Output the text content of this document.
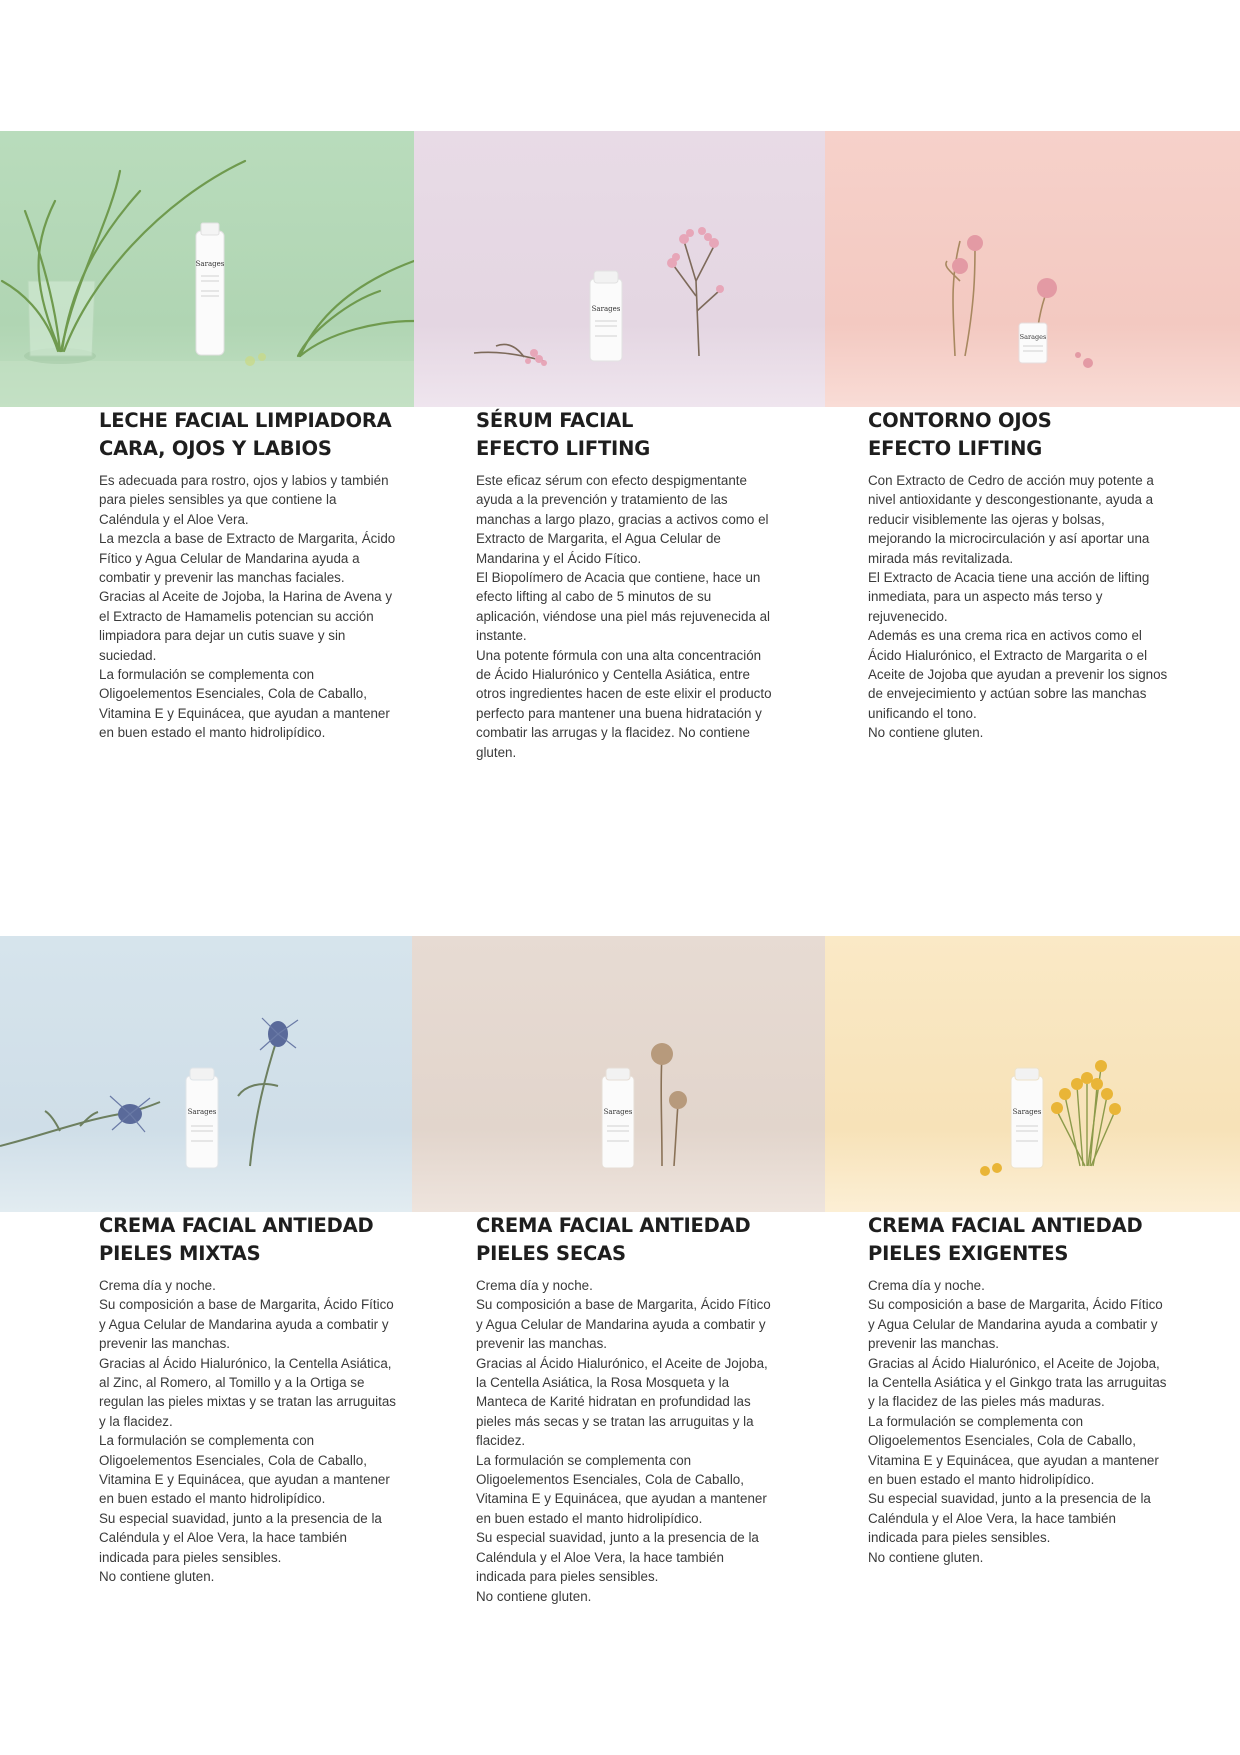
Sarages
Sarages
Sarages
LECHE FACIAL LIMPIADORA
CARA, OJOS Y LABIOS

Es adecuada para rostro, ojos y labios y también para pieles sensibles ya que contiene la Caléndula y el Aloe Vera.

La mezcla a base de Extracto de Margarita, Ácido Fítico y Agua Celular de Mandarina ayuda a combatir y prevenir las manchas faciales.

Gracias al Aceite de Jojoba, la Harina de Avena y el Extracto de Hamamelis potencian su acción limpiadora para dejar un cutis suave y sin suciedad.

La formulación se complementa con Oligoelementos Esenciales, Cola de Caballo, Vitamina E y Equinácea, que ayudan a mantener en buen estado el manto hidrolipídico.

SÉRUM FACIAL
EFECTO LIFTING

Este eficaz sérum con efecto despigmentante ayuda a la prevención y tratamiento de las manchas a largo plazo, gracias a activos como el Extracto de Margarita, el Agua Celular de Mandarina y el Ácido Fítico.

El Biopolímero de Acacia que contiene, hace un efecto lifting al cabo de 5 minutos de su aplicación, viéndose una piel más rejuvenecida al instante.

Una potente fórmula con una alta concentración de Ácido Hialurónico y Centella Asiática, entre otros ingredientes hacen de este elixir el producto perfecto para mantener una buena hidratación y combatir las arrugas y la flacidez. No contiene gluten.

CONTORNO OJOS
EFECTO LIFTING

Con Extracto de Cedro de acción muy potente a nivel antioxidante y descongestionante, ayuda a reducir visiblemente las ojeras y bolsas, mejorando la microcirculación y así aportar una mirada más revitalizada.

El Extracto de Acacia tiene una acción de lifting inmediata, para un aspecto más terso y rejuvenecido.

Además es una crema rica en activos como el Ácido Hialurónico, el Extracto de Margarita o el Aceite de Jojoba que ayudan a prevenir los signos de envejecimiento y actúan sobre las manchas unificando el tono.

No contiene gluten.

Sarages	Sarages	Sarages
CREMA FACIAL ANTIEDAD
PIELES MIXTAS

Crema día y noche.

Su composición a base de Margarita, Ácido Fítico y Agua Celular de Mandarina ayuda a combatir y prevenir las manchas.

Gracias al Ácido Hialurónico, la Centella Asiática, al Zinc, al Romero, al Tomillo y a la Ortiga se regulan las pieles mixtas y se tratan las arruguitas y la flacidez.

La formulación se complementa con Oligoelementos Esenciales, Cola de Caballo, Vitamina E y Equinácea, que ayudan a mantener en buen estado el manto hidrolipídico.

Su especial suavidad, junto a la presencia de la Caléndula y el Aloe Vera, la hace también indicada para pieles sensibles.

No contiene gluten.

CREMA FACIAL ANTIEDAD
PIELES SECAS

Crema día y noche.

Su composición a base de Margarita, Ácido Fítico y Agua Celular de Mandarina ayuda a combatir y prevenir las manchas.

Gracias al Ácido Hialurónico, el Aceite de Jojoba, la Centella Asiática, la Rosa Mosqueta y la Manteca de Karité hidratan en profundidad las pieles más secas y se tratan las arruguitas y la flacidez.

La formulación se complementa con Oligoelementos Esenciales, Cola de Caballo, Vitamina E y Equinácea, que ayudan a mantener en buen estado el manto hidrolipídico.

Su especial suavidad, junto a la presencia de la Caléndula y el Aloe Vera, la hace también indicada para pieles sensibles.

No contiene gluten.

CREMA FACIAL ANTIEDAD
PIELES EXIGENTES

Crema día y noche.

Su composición a base de Margarita, Ácido Fítico y Agua Celular de Mandarina ayuda a combatir y prevenir las manchas.

Gracias al Ácido Hialurónico, el Aceite de Jojoba, la Centella Asiática y el Ginkgo trata las arruguitas y la flacidez de las pieles más maduras.

La formulación se complementa con Oligoelementos Esenciales, Cola de Caballo, Vitamina E y Equinácea, que ayudan a mantener en buen estado el manto hidrolipídico.

Su especial suavidad, junto a la presencia de la Caléndula y el Aloe Vera, la hace también indicada para pieles sensibles.

No contiene gluten.
